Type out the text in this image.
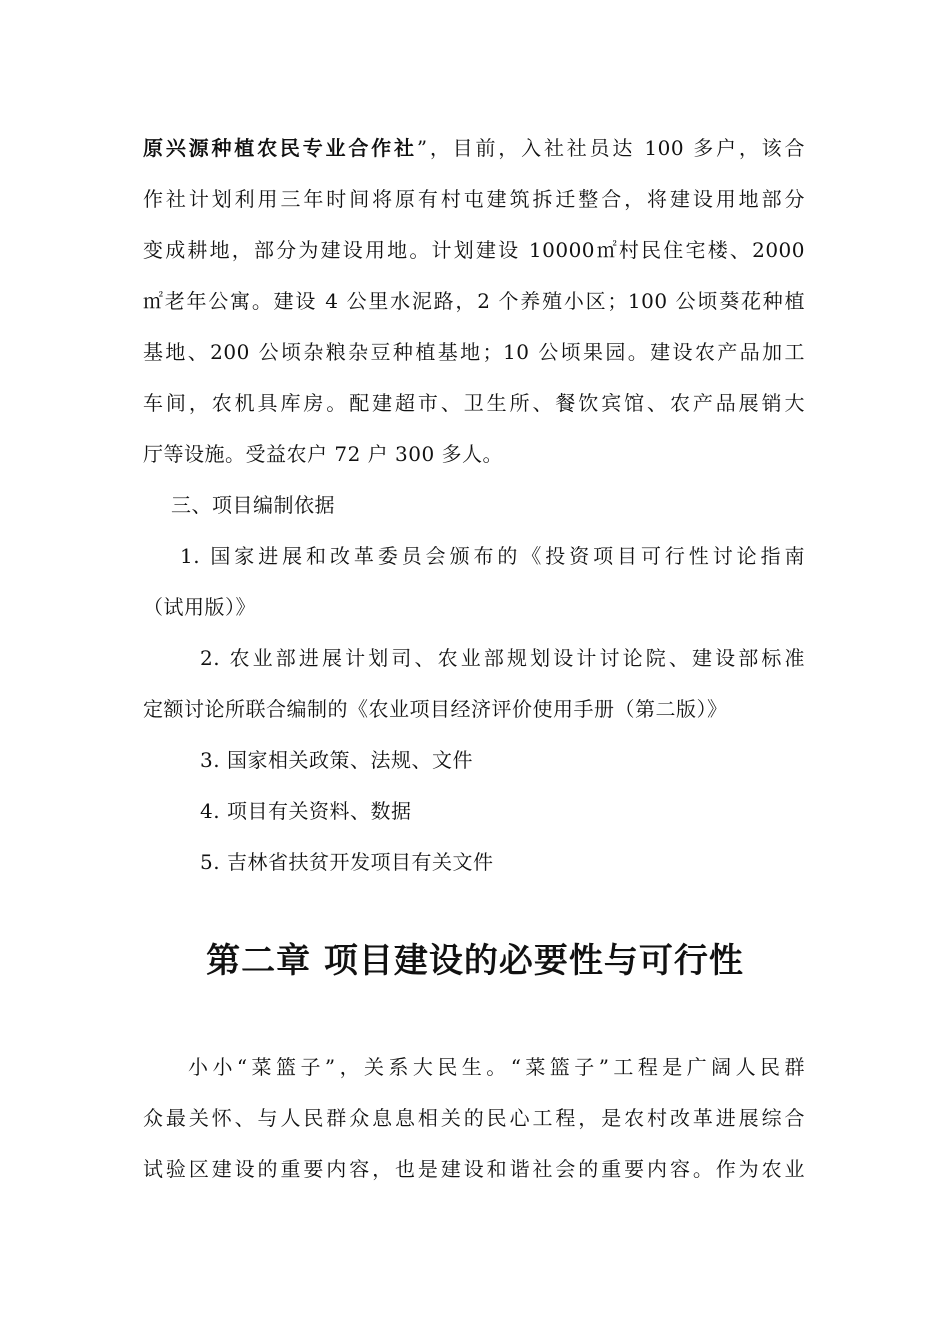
原兴源种植农民专业合作社”，目前，入社社员达 100 多户，该合
作社计划利用三年时间将原有村屯建筑拆迁整合，将建设用地部分
变成耕地，部分为建设用地。计划建设 10000㎡村民住宅楼、2000
㎡老年公寓。建设 4 公里水泥路，2 个养殖小区；100 公顷葵花种植
基地、200 公顷杂粮杂豆种植基地；10 公顷果园。建设农产品加工
车间，农机具库房。配建超市、卫生所、餐饮宾馆、农产品展销大
厅等设施。受益农户 72 户 300 多人。
三、项目编制依据
1. 国家进展和改革委员会颁布的《投资项目可行性讨论指南
（试用版）》
2. 农业部进展计划司、农业部规划设计讨论院、建设部标准
定额讨论所联合编制的《农业项目经济评价使用手册（第二版）》
3. 国家相关政策、法规、文件
4. 项目有关资料、数据
5. 吉林省扶贫开发项目有关文件
第二章 项目建设的必要性与可行性
小小“菜篮子”，关系大民生。“菜篮子”工程是广阔人民群
众最关怀、与人民群众息息相关的民心工程，是农村改革进展综合
试验区建设的重要内容，也是建设和谐社会的重要内容。作为农业
